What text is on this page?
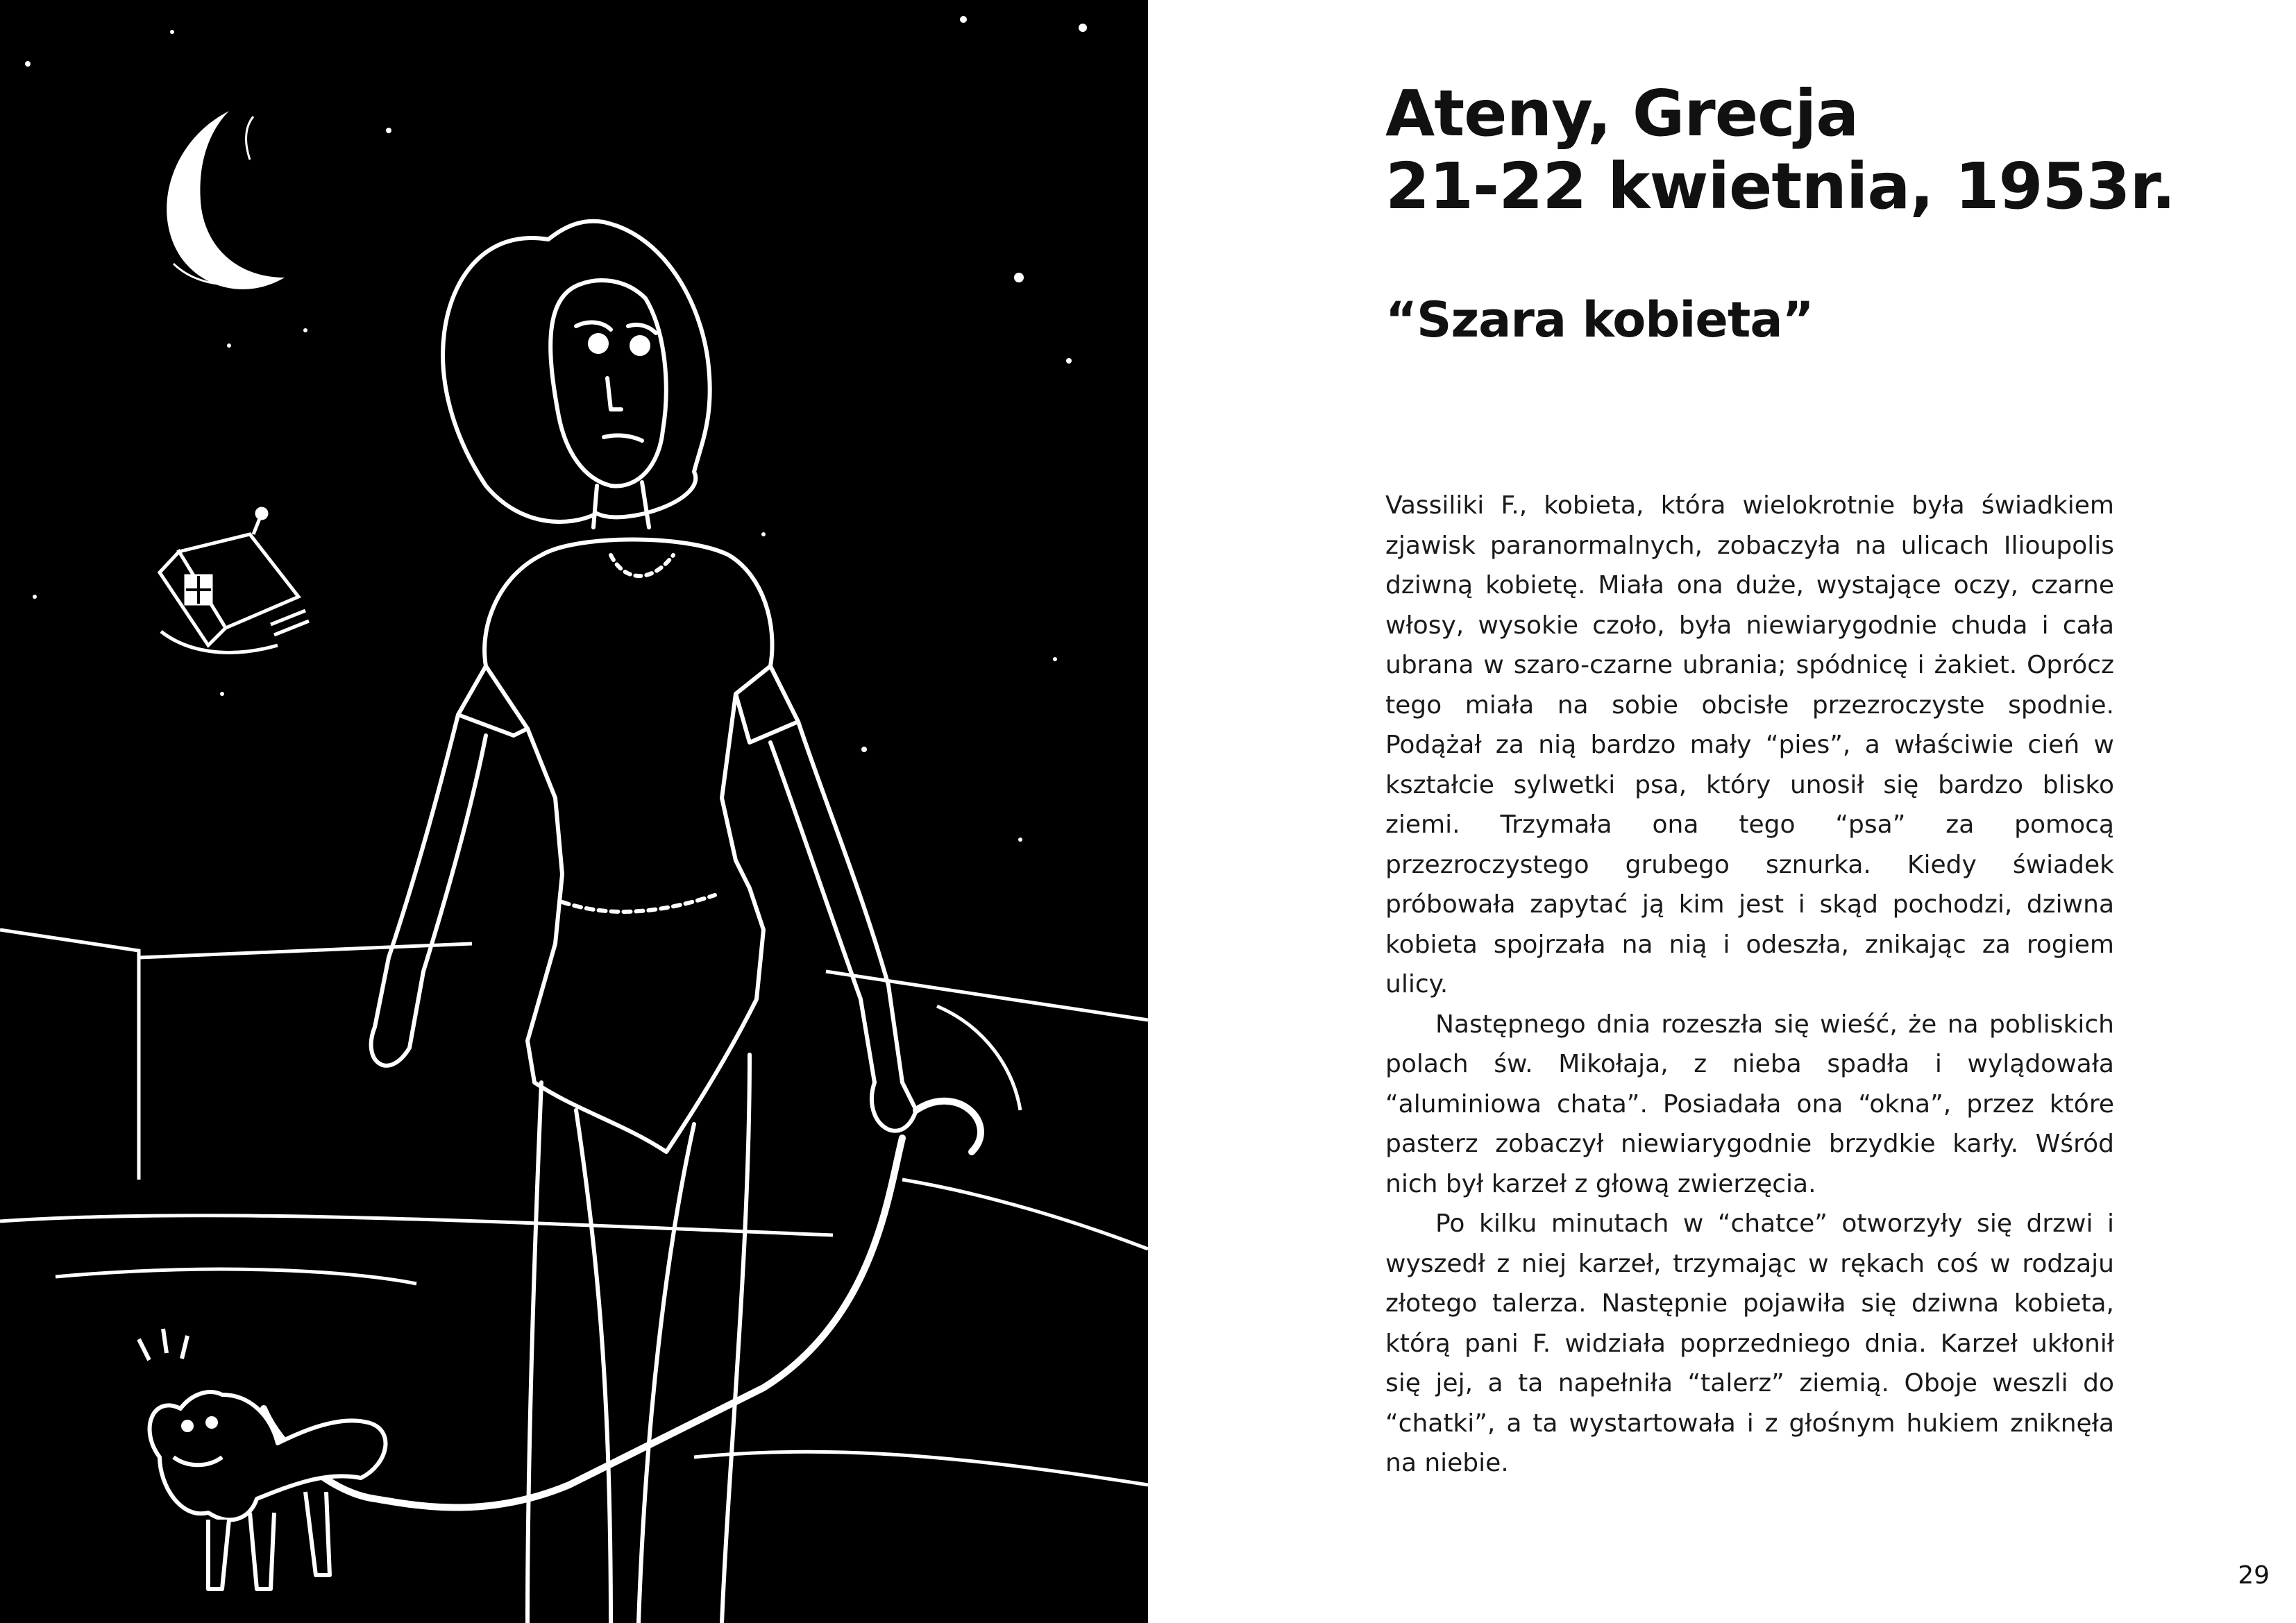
Ateny, Grecja
21-22 kwietnia, 1953r.
“Szara kobieta”

Vassiliki F., kobieta, która wielokrotnie była świadkiem zjawisk paranormalnych, zobaczyła na ulicach Ilioupolis dziwną kobietę. Miała ona duże, wystające oczy, czarne włosy, wysokie czoło, była niewiarygodnie chuda i cała ubrana w szaro-czarne ubrania; spódnicę i żakiet. Oprócz tego miała na sobie obcisłe przezroczyste spodnie. Podążał za nią bardzo mały “pies”, a właściwie cień w kształcie sylwetki psa, który unosił się bardzo blisko ziemi. Trzymała ona tego “psa” za pomocą przezroczystego grubego sznurka. Kiedy świadek próbowała zapytać ją kim jest i skąd pochodzi, dziwna kobieta spojrzała na nią i odeszła, znikając za rogiem ulicy.

Następnego dnia rozeszła się wieść, że na pobliskich polach św. Mikołaja, z nieba spadła i wylądowała “aluminiowa chata”. Posiadała ona “okna”, przez które pasterz zobaczył niewiarygodnie brzydkie karły. Wśród nich był karzeł z głową zwierzęcia.

Po kilku minutach w “chatce” otworzyły się drzwi i wyszedł z niej karzeł, trzymając w rękach coś w rodzaju złotego talerza. Następnie pojawiła się dziwna kobieta, którą pani F. widziała poprzedniego dnia. Karzeł ukłonił się jej, a ta napełniła “talerz” ziemią. Oboje weszli do “chatki”, a ta wystartowała i z głośnym hukiem zniknęła na niebie.

29
